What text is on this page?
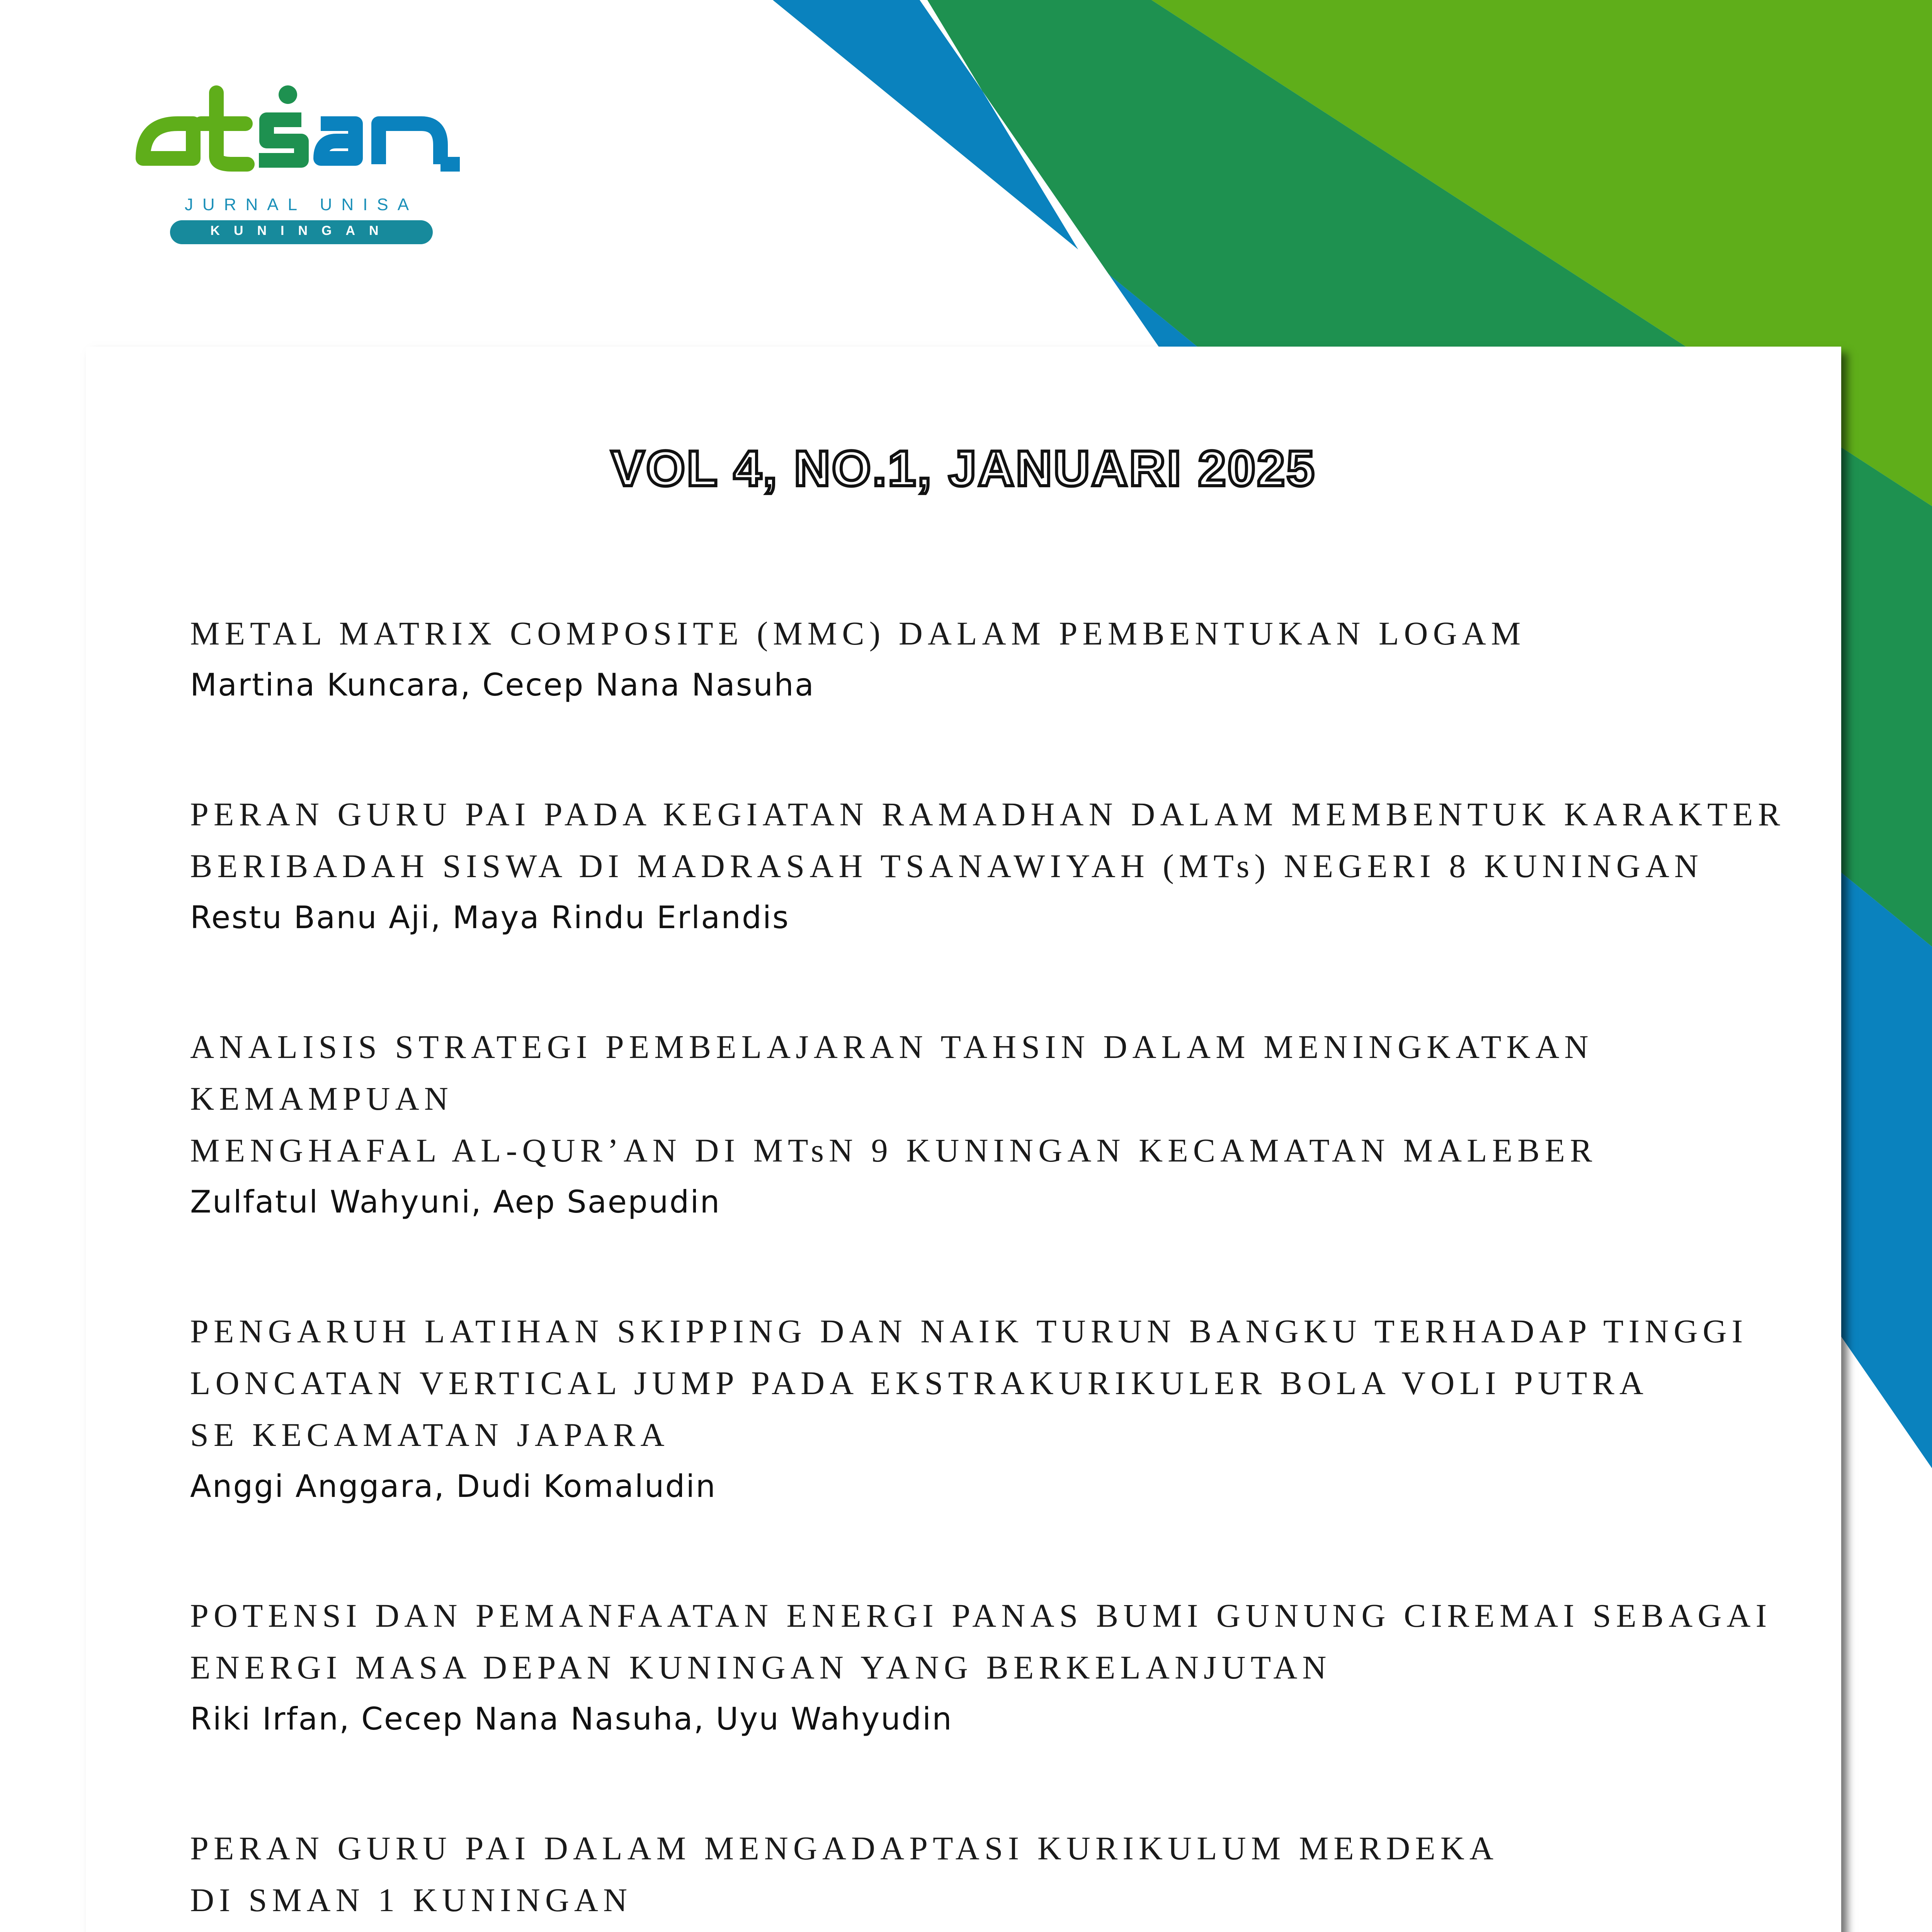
JURNAL UNISA
KUNINGAN
VOL 4, NO.1, JANUARI 2025
METAL MATRIX COMPOSITE (MMC) DALAM PEMBENTUKAN LOGAM
Martina Kuncara, Cecep Nana Nasuha
PERAN GURU PAI PADA KEGIATAN RAMADHAN DALAM MEMBENTUK KARAKTER
BERIBADAH SISWA DI MADRASAH TSANAWIYAH (MTs) NEGERI 8 KUNINGAN
Restu Banu Aji, Maya Rindu Erlandis
ANALISIS STRATEGI PEMBELAJARAN TAHSIN DALAM MENINGKATKAN KEMAMPUAN
MENGHAFAL AL-QUR’AN DI MTsN 9 KUNINGAN KECAMATAN MALEBER
Zulfatul Wahyuni, Aep Saepudin
PENGARUH LATIHAN SKIPPING DAN NAIK TURUN BANGKU TERHADAP TINGGI
LONCATAN VERTICAL JUMP PADA EKSTRAKURIKULER BOLA VOLI PUTRA
SE KECAMATAN JAPARA
Anggi Anggara, Dudi Komaludin
POTENSI DAN PEMANFAATAN ENERGI PANAS BUMI GUNUNG CIREMAI SEBAGAI
ENERGI MASA DEPAN KUNINGAN YANG BERKELANJUTAN
Riki Irfan, Cecep Nana Nasuha, Uyu Wahyudin
PERAN GURU PAI DALAM MENGADAPTASI KURIKULUM MERDEKA
DI SMAN 1 KUNINGAN
